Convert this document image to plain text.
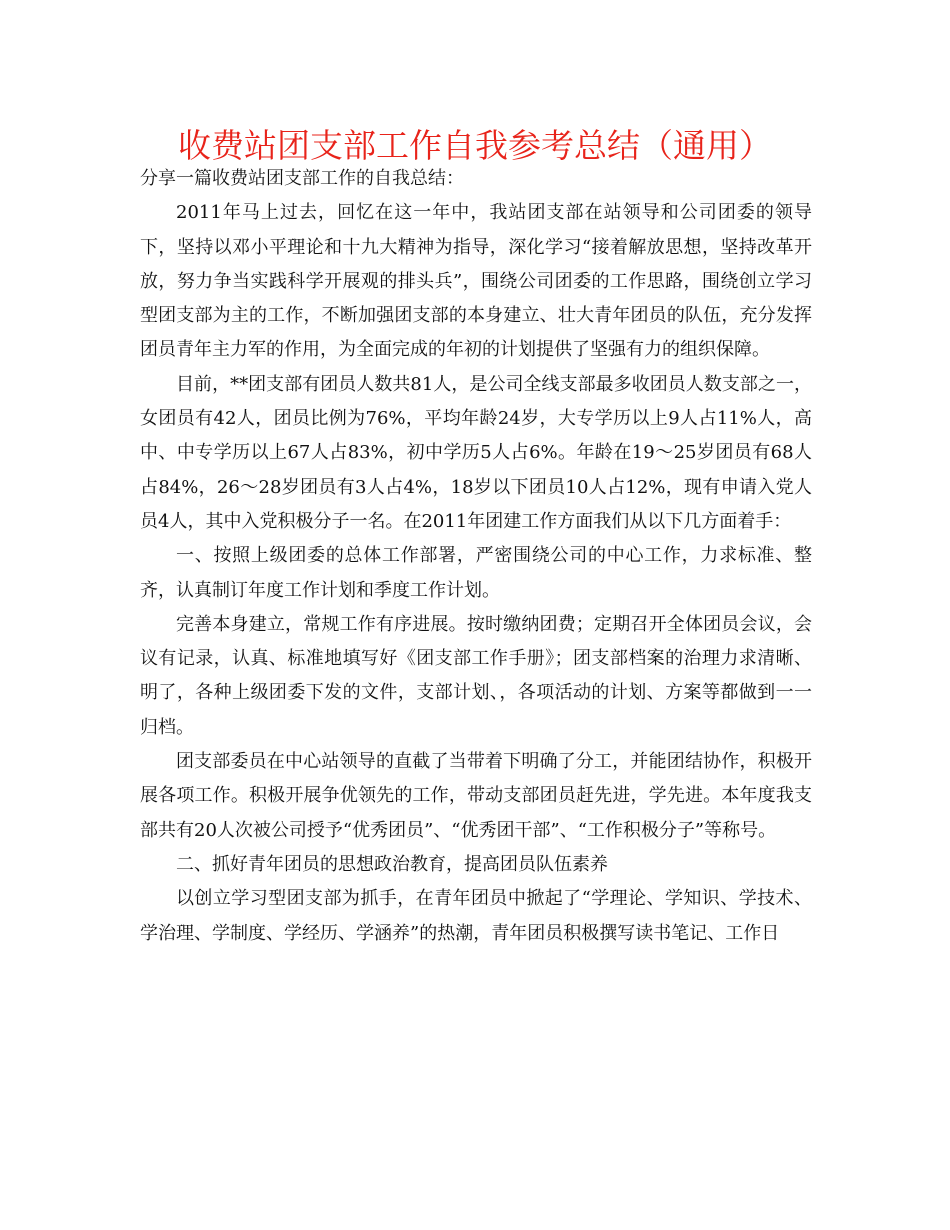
收费站团支部工作自我参考总结（通用）

分享一篇收费站团支部工作的自我总结：

2011年马上过去，回忆在这一年中，我站团支部在站领导和公司团委的领导下，坚持以邓小平理论和十九大精神为指导，深化学习“接着解放思想，坚持改革开放，努力争当实践科学开展观的排头兵”，围绕公司团委的工作思路，围绕创立学习型团支部为主的工作，不断加强团支部的本身建立、壮大青年团员的队伍，充分发挥团员青年主力军的作用，为全面完成的年初的计划提供了坚强有力的组织保障。

目前，**团支部有团员人数共81人，是公司全线支部最多收团员人数支部之一，女团员有42人，团员比例为76%，平均年龄24岁，大专学历以上9人占11%人，高中、中专学历以上67人占83%，初中学历5人占6%。年龄在19～25岁团员有68人占84%，26～28岁团员有3人占4%，18岁以下团员10人占12%，现有申请入党人员4人，其中入党积极分子一名。在2011年团建工作方面我们从以下几方面着手：

一、按照上级团委的总体工作部署，严密围绕公司的中心工作，力求标准、整齐，认真制订年度工作计划和季度工作计划。

完善本身建立，常规工作有序进展。按时缴纳团费；定期召开全体团员会议，会议有记录，认真、标准地填写好《团支部工作手册》；团支部档案的治理力求清晰、明了，各种上级团委下发的文件，支部计划、，各项活动的计划、方案等都做到一一归档。

团支部委员在中心站领导的直截了当带着下明确了分工，并能团结协作，积极开展各项工作。积极开展争优领先的工作，带动支部团员赶先进，学先进。本年度我支部共有20人次被公司授予“优秀团员”、“优秀团干部”、“工作积极分子”等称号。

二、抓好青年团员的思想政治教育，提高团员队伍素养

以创立学习型团支部为抓手，在青年团员中掀起了“学理论、学知识、学技术、学治理、学制度、学经历、学涵养”的热潮，青年团员积极撰写读书笔记、工作日
